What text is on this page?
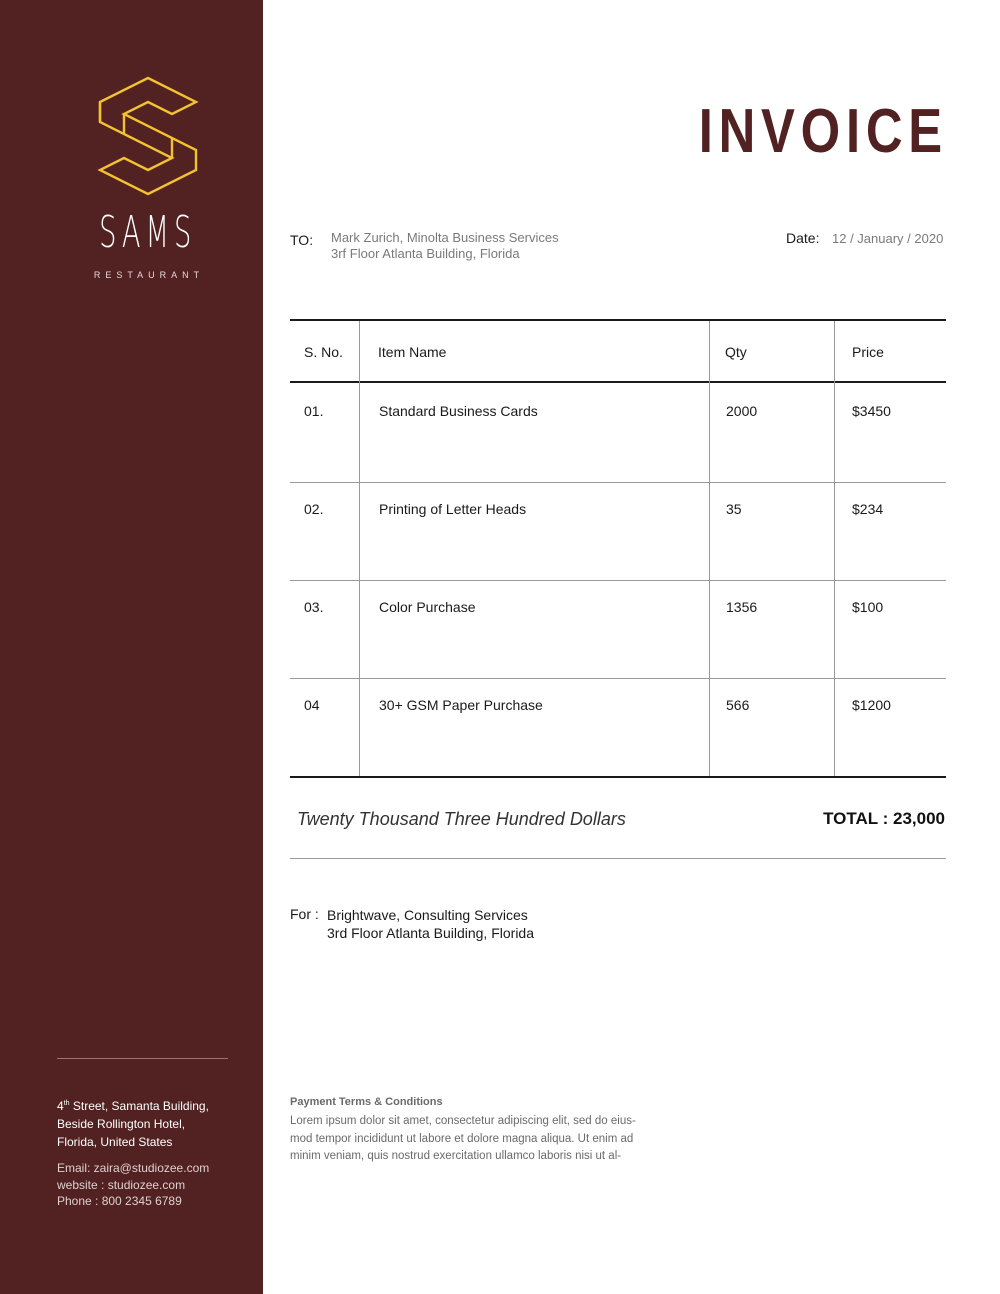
SAMS
RESTAURANT
4th Street, Samanta Building,
Beside Rollington Hotel,
Florida, United States
Email: zaira@studiozee.com
website : studiozee.com
Phone : 800 2345 6789
INVOICE
TO: Mark Zurich, Minolta Business Services
3rf Floor Atlanta Building, Florida
Date: 12 / January / 2020
S. No.	Item Name	Qty	Price
01.	Standard Business Cards	2000	$3450
02.	Printing of Letter Heads	35	$234
03.	Color Purchase	1356	$100
04	30+ GSM Paper Purchase	566	$1200
Twenty Thousand Three Hundred Dollars	TOTAL : 23,000
For : Brightwave, Consulting Services
3rd Floor Atlanta Building, Florida
Payment Terms & Conditions
Lorem ipsum dolor sit amet, consectetur adipiscing elit, sed do eius-
mod tempor incididunt ut labore et dolore magna aliqua. Ut enim ad
minim veniam, quis nostrud exercitation ullamco laboris nisi ut al-
